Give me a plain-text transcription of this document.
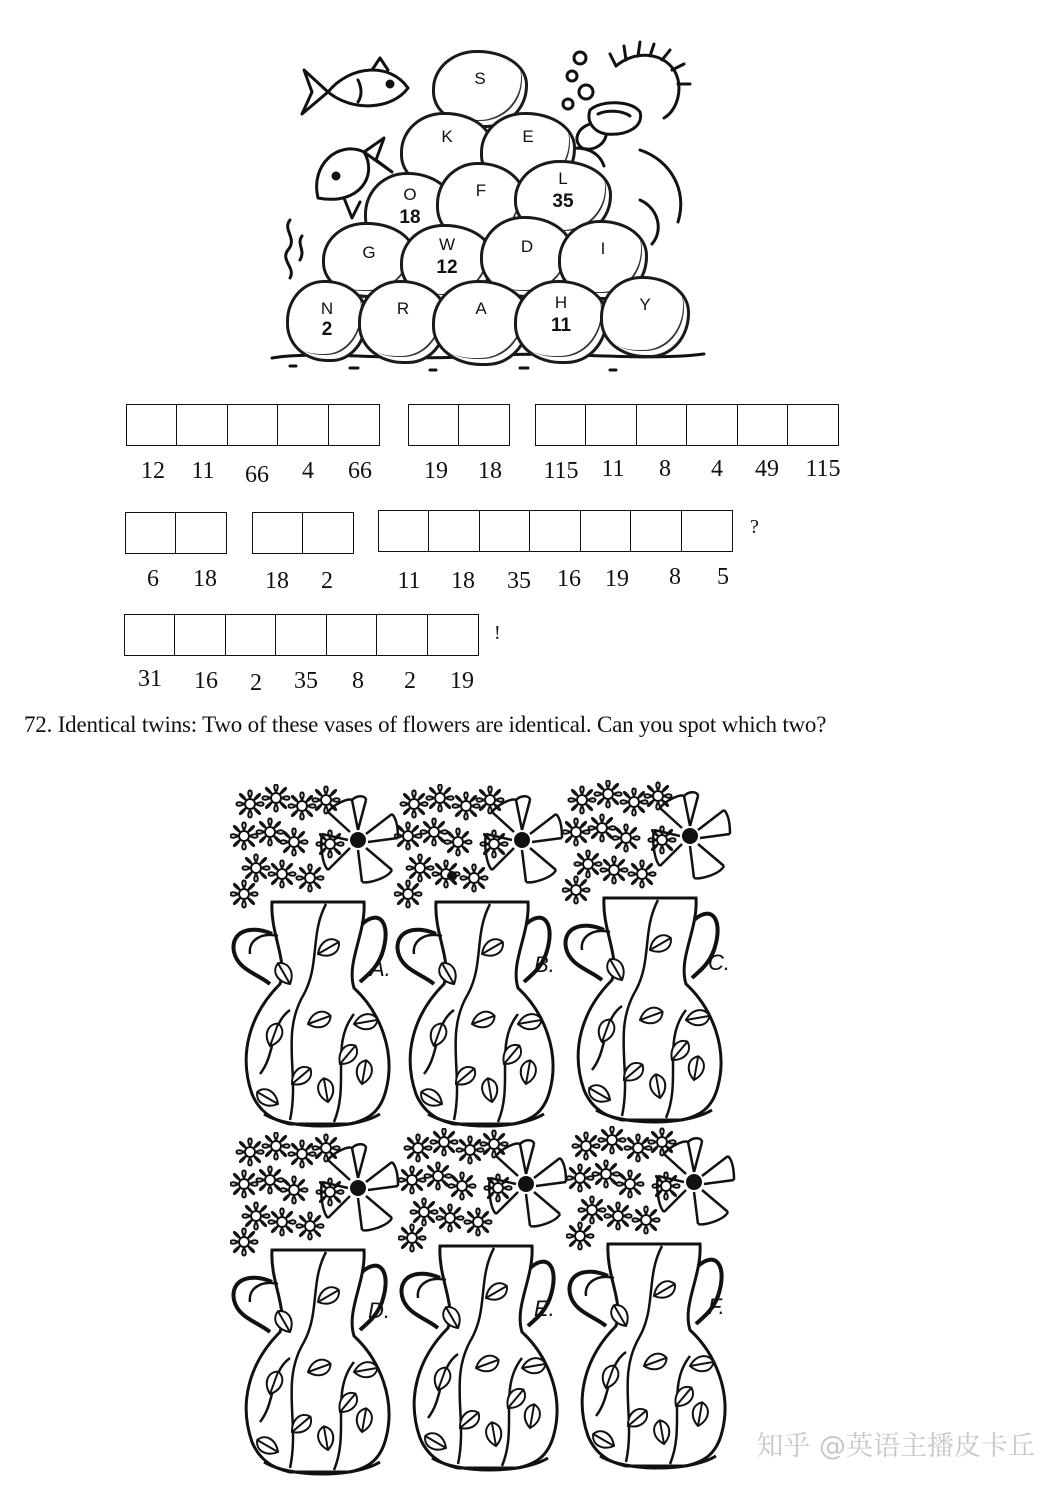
S
K	E
O
18
F
L
35
G	W
12
D	I
N
2
R	A	H
11
Y
12	11	66	4	66	19	18	115 11	8	4	49	115
?
6	18	18	2	11	18	35	16	19	8	5
!
31	16	2	35	8	2	19
72. Identical twins: Two of these vases of flowers are identical. Can you spot which two?
A.	B.	C.
D.	E.	F.
知乎 @英语主播皮卡丘
